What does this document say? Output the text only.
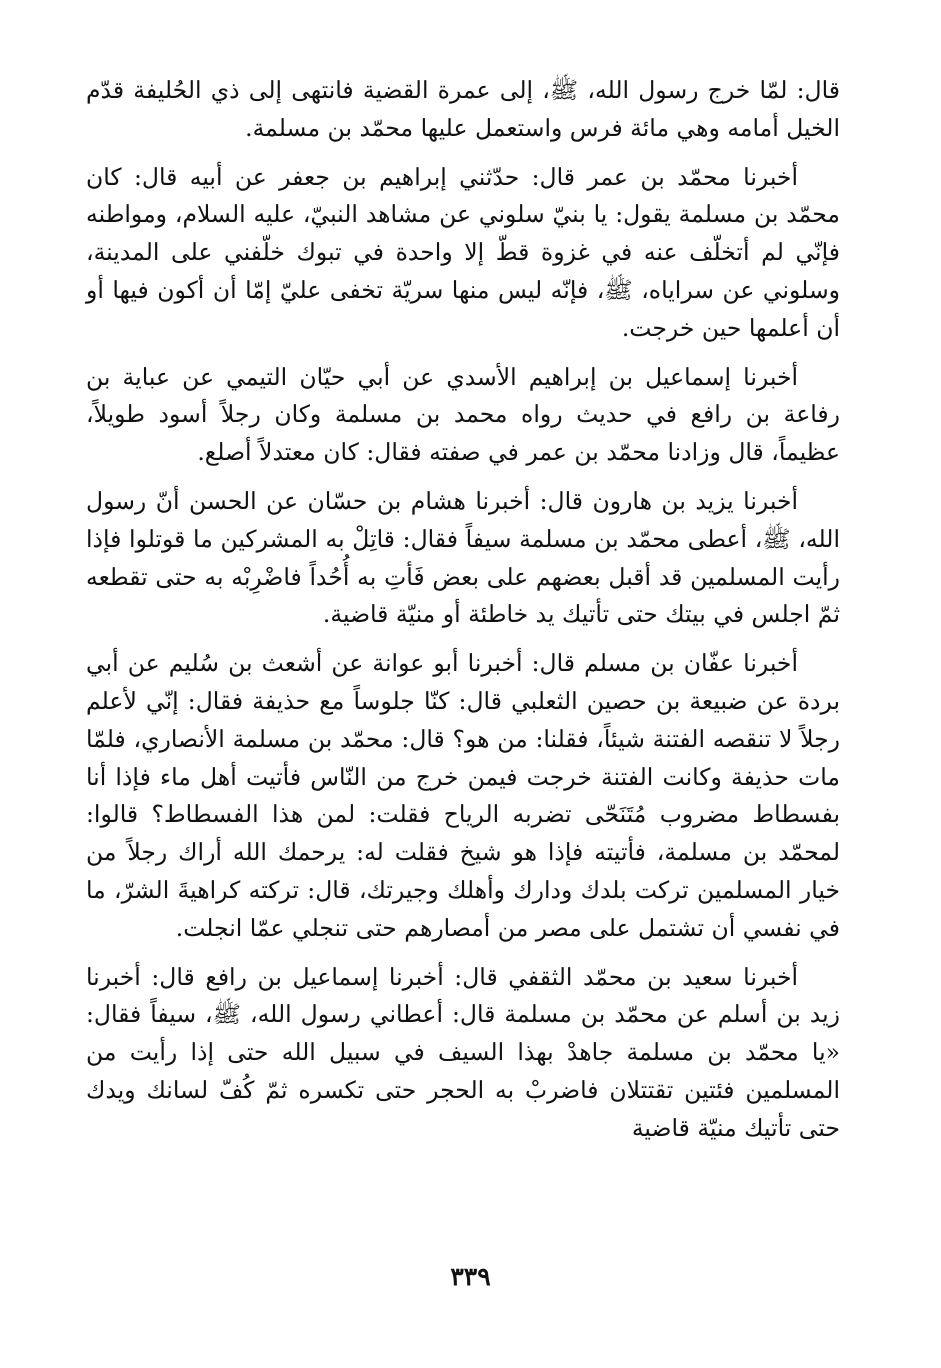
قال: لمّا خرج رسول الله، ﷺ، إلى عمرة القضية فانتهى إلى ذي الحُليفة قدّم الخيل أمامه وهي مائة فرس واستعمل عليها محمّد بن مسلمة.

أخبرنا محمّد بن عمر قال: حدّثني إبراهيم بن جعفر عن أبيه قال: كان محمّد بن مسلمة يقول: يا بنيّ سلوني عن مشاهد النبيّ، عليه السلام، ومواطنه فإنّي لم أتخلّف عنه في غزوة قطّ إلا واحدة في تبوك خلّفني على المدينة، وسلوني عن سراياه، ﷺ، فإنّه ليس منها سريّة تخفى عليّ إمّا أن أكون فيها أو أن أعلمها حين خرجت.

أخبرنا إسماعيل بن إبراهيم الأسدي عن أبي حيّان التيمي عن عباية بن رفاعة بن رافع في حديث رواه محمد بن مسلمة وكان رجلاً أسود طويلاً، عظيماً، قال وزادنا محمّد بن عمر في صفته فقال: كان معتدلاً أصلع.

أخبرنا يزيد بن هارون قال: أخبرنا هشام بن حسّان عن الحسن أنّ رسول الله، ﷺ، أعطى محمّد بن مسلمة سيفاً فقال: قاتِلْ به المشركين ما قوتلوا فإذا رأيت المسلمين قد أقبل بعضهم على بعض فَأتِ به أُحُداً فاضْرِبْه به حتى تقطعه ثمّ اجلس في بيتك حتى تأتيك يد خاطئة أو منيّة قاضية.

أخبرنا عفّان بن مسلم قال: أخبرنا أبو عوانة عن أشعث بن سُليم عن أبي بردة عن ضبيعة بن حصين الثعلبي قال: كنّا جلوساً مع حذيفة فقال: إنّي لأعلم رجلاً لا تنقصه الفتنة شيئاً، فقلنا: من هو؟ قال: محمّد بن مسلمة الأنصاري، فلمّا مات حذيفة وكانت الفتنة خرجت فيمن خرج من النّاس فأتيت أهل ماء فإذا أنا بفسطاط مضروب مُتَنَحّى تضربه الرياح فقلت: لمن هذا الفسطاط؟ قالوا: لمحمّد بن مسلمة، فأتيته فإذا هو شيخ فقلت له: يرحمك الله أراك رجلاً من خيار المسلمين تركت بلدك ودارك وأهلك وجيرتك، قال: تركته كراهيةَ الشرّ، ما في نفسي أن تشتمل على مصر من أمصارهم حتى تنجلي عمّا انجلت.

أخبرنا سعيد بن محمّد الثقفي قال: أخبرنا إسماعيل بن رافع قال: أخبرنا زيد بن أسلم عن محمّد بن مسلمة قال: أعطاني رسول الله، ﷺ، سيفاً فقال: «يا محمّد بن مسلمة جاهدْ بهذا السيف في سبيل الله حتى إذا رأيت من المسلمين فئتين تقتتلان فاضربْ به الحجر حتى تكسره ثمّ كُفّ لسانك ويدك حتى تأتيك منيّة قاضية

٣٣٩
